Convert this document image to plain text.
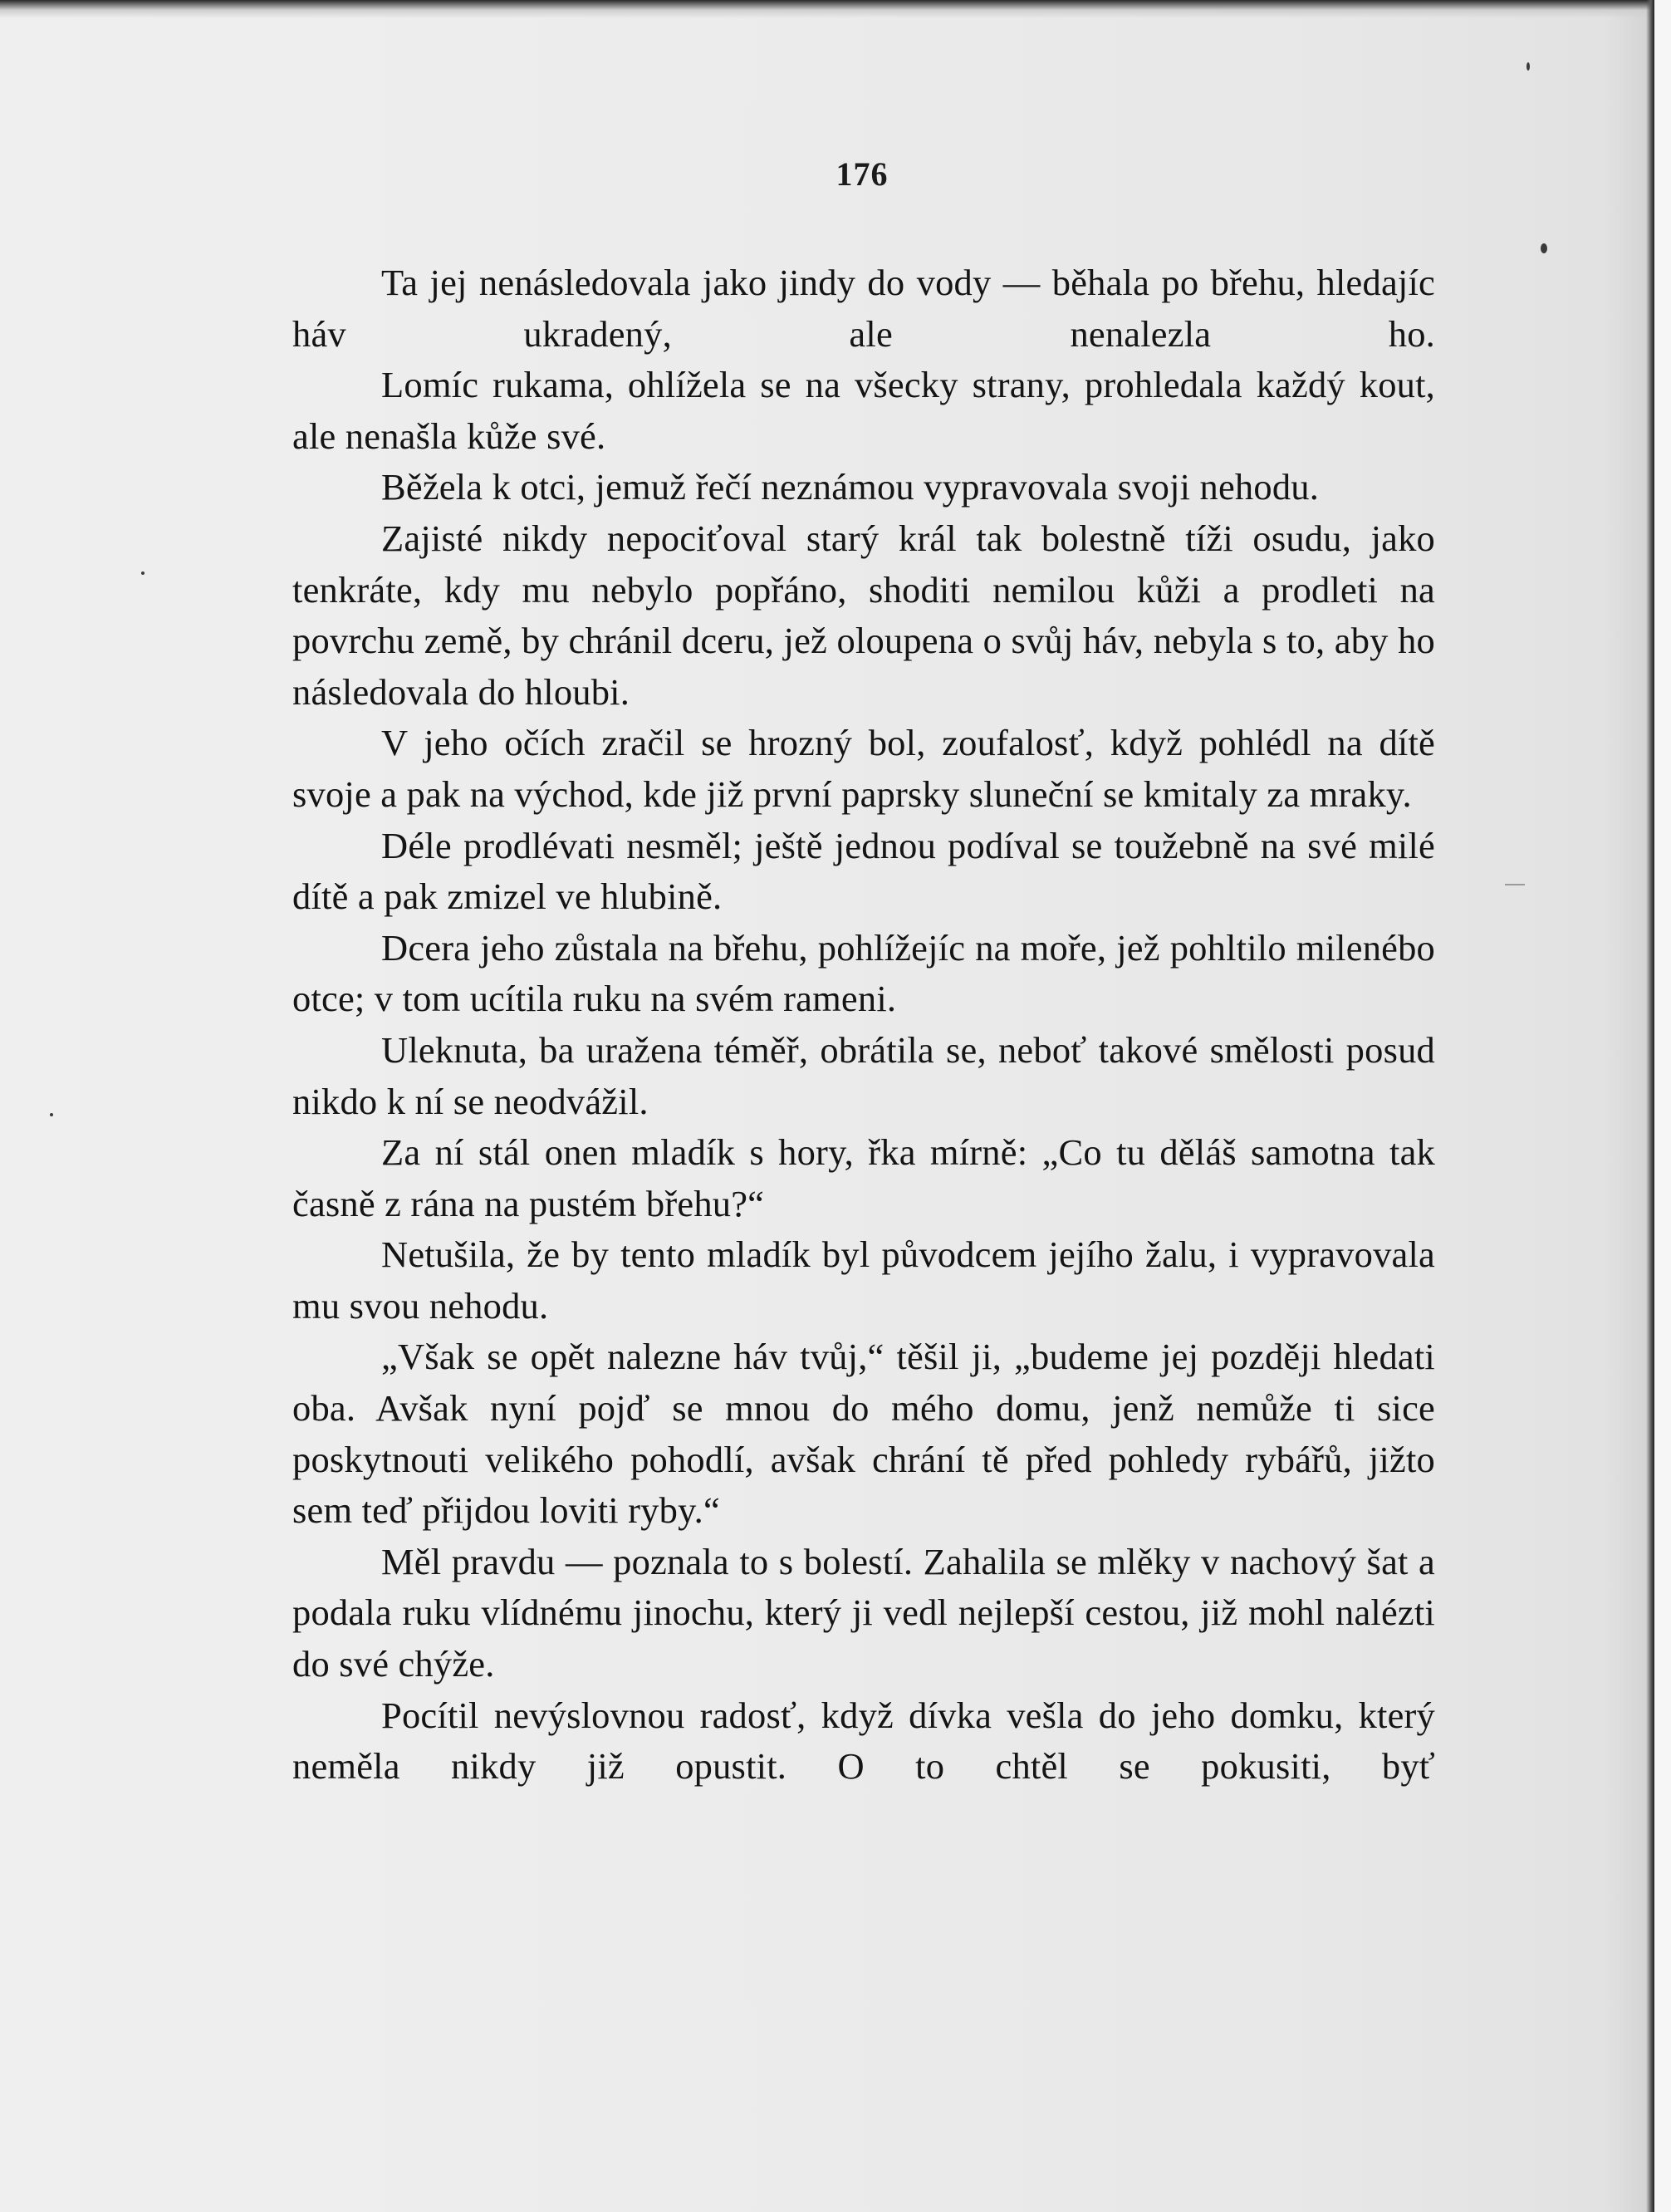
176

Ta jej nenásledovala jako jindy do vody — běhala po břehu, hledajíc háv ukradený, ale nenalezla ho.

Lomíc rukama, ohlížela se na všecky strany, prohledala každý kout, ale nenašla kůže své.

Běžela k otci, jemuž řečí neznámou vypravovala svoji nehodu.

Zajisté nikdy nepociťoval starý král tak bolestně tíži osudu, jako tenkráte, kdy mu nebylo popřáno, shoditi nemilou kůži a prodleti na povrchu země, by chránil dceru, jež oloupena o svůj háv, nebyla s to, aby ho následovala do hloubi.

V jeho očích zračil se hrozný bol, zoufalosť, když pohlédl na dítě svoje a pak na východ, kde již první paprsky sluneční se kmitaly za mraky.

Déle prodlévati nesměl; ještě jednou podíval se toužebně na své milé dítě a pak zmizel ve hlubině.

Dcera jeho zůstala na břehu, pohlížejíc na moře, jež pohltilo milenébo otce; v tom ucítila ruku na svém rameni.

Uleknuta, ba uražena téměř, obrátila se, neboť takové smělosti posud nikdo k ní se neodvážil.

Za ní stál onen mladík s hory, řka mírně: „Co tu děláš samotna tak časně z rána na pustém břehu?“

Netušila, že by tento mladík byl původcem jejího žalu, i vypravovala mu svou nehodu.

„Však se opět nalezne háv tvůj,“ těšil ji, „budeme jej později hledati oba. Avšak nyní pojď se mnou do mého domu, jenž nemůže ti sice poskytnouti velikého pohodlí, avšak chrání tě před pohledy rybářů, jižto sem teď přijdou loviti ryby.“

Měl pravdu — poznala to s bolestí. Zahalila se mlěky v nachový šat a podala ruku vlídnému jinochu, který ji vedl nejlepší cestou, již mohl nalézti do své chýže.

Pocítil nevýslovnou radosť, když dívka vešla do jeho domku, který neměla nikdy již opustit. O to chtěl se pokusiti, byť
